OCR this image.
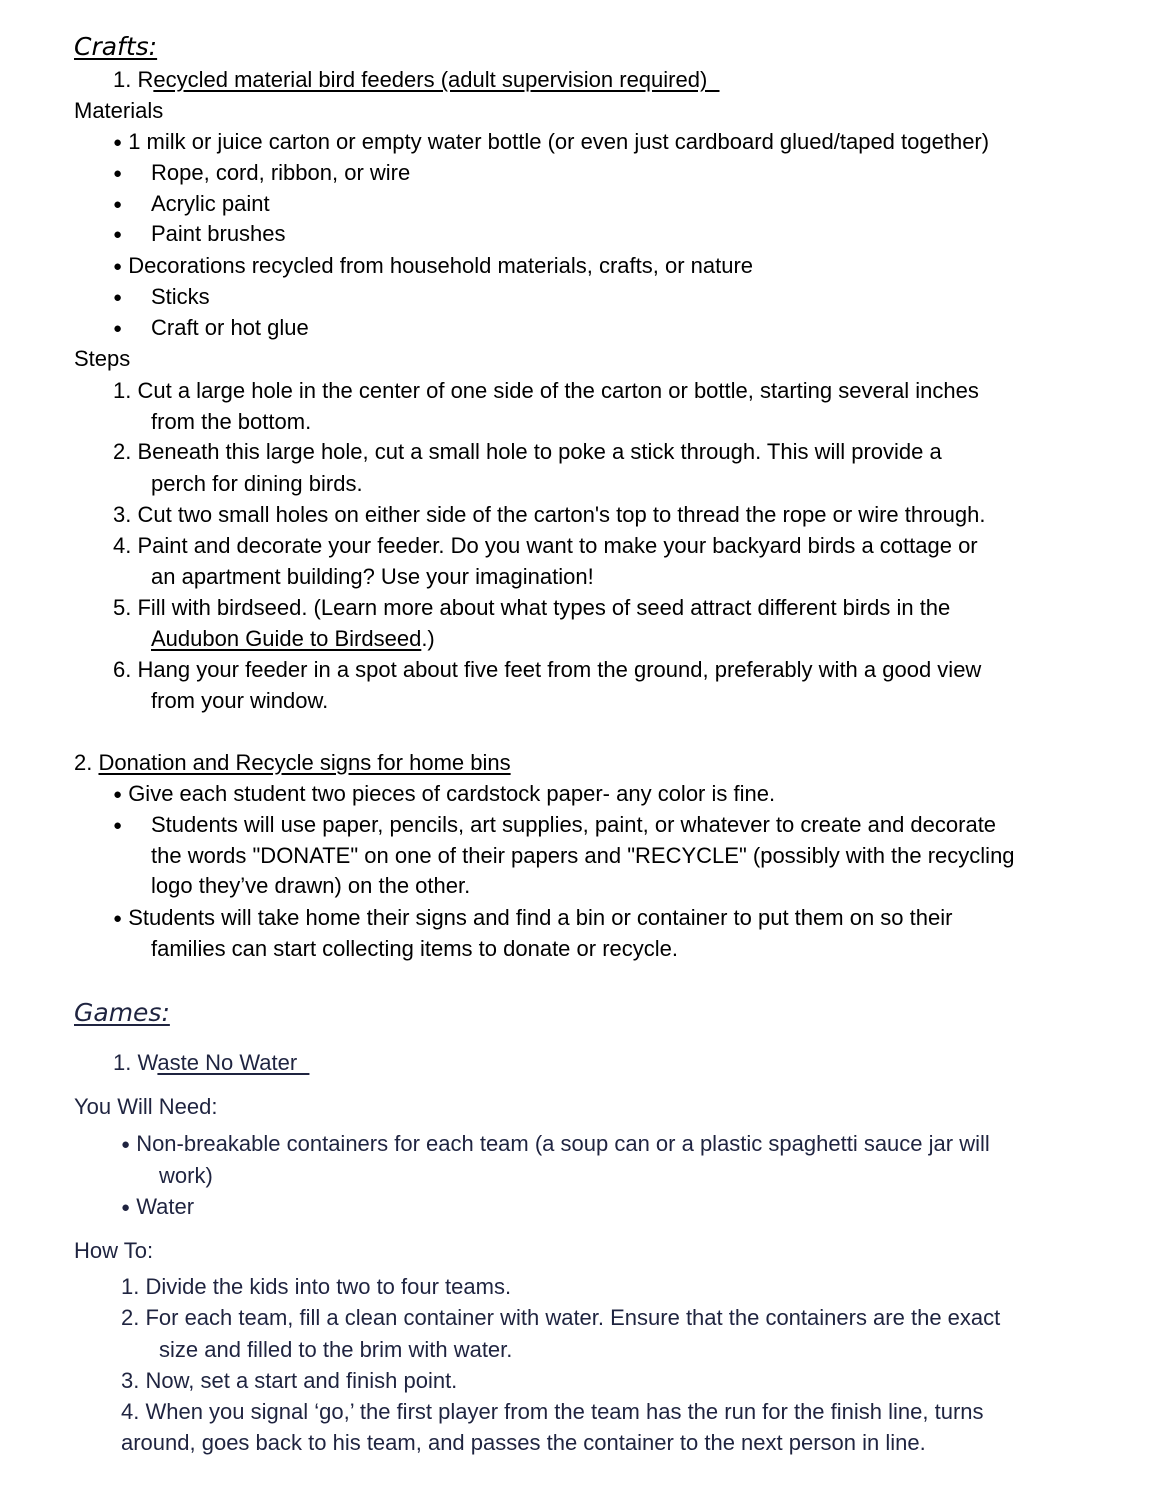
Crafts:
1. Recycled material bird feeders (adult supervision required)
Materials
● 1 milk or juice carton or empty water bottle (or even just cardboard glued/taped together)
● Rope, cord, ribbon, or wire
● Acrylic paint
● Paint brushes
● Decorations recycled from household materials, crafts, or nature
● Sticks
● Craft or hot glue
Steps
1. Cut a large hole in the center of one side of the carton or bottle, starting several inches
from the bottom.
2. Beneath this large hole, cut a small hole to poke a stick through. This will provide a
perch for dining birds.
3. Cut two small holes on either side of the carton's top to thread the rope or wire through.
4. Paint and decorate your feeder. Do you want to make your backyard birds a cottage or
an apartment building? Use your imagination!
5. Fill with birdseed. (Learn more about what types of seed attract different birds in the
Audubon Guide to Birdseed.)
6. Hang your feeder in a spot about five feet from the ground, preferably with a good view
from your window.
2. Donation and Recycle signs for home bins
● Give each student two pieces of cardstock paper- any color is fine.
● Students will use paper, pencils, art supplies, paint, or whatever to create and decorate
the words "DONATE" on one of their papers and "RECYCLE" (possibly with the recycling
logo they’ve drawn) on the other.
● Students will take home their signs and find a bin or container to put them on so their
families can start collecting items to donate or recycle.
Games:
1. Waste No Water
You Will Need:
● Non-breakable containers for each team (a soup can or a plastic spaghetti sauce jar will
work)
● Water
How To:
1. Divide the kids into two to four teams.
2. For each team, fill a clean container with water. Ensure that the containers are the exact
size and filled to the brim with water.
3. Now, set a start and finish point.
4. When you signal ‘go,’ the first player from the team has the run for the finish line, turns
around, goes back to his team, and passes the container to the next person in line.
